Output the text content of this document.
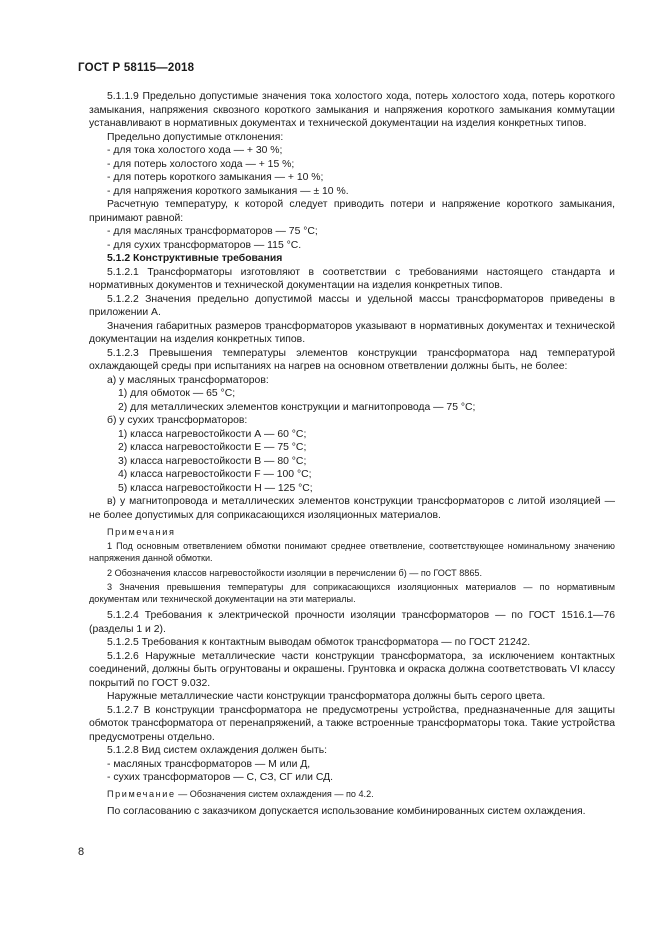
ГОСТ Р 58115—2018

5.1.1.9 Предельно допустимые значения тока холостого хода, потерь холостого хода, потерь короткого замыкания, напряжения сквозного короткого замыкания и напряжения короткого замыкания коммутации устанавливают в нормативных документах и технической документации на изделия конкретных типов.

Предельно допустимые отклонения:

- для тока холостого хода — + 30 %;

- для потерь холостого хода — + 15 %;

- для потерь короткого замыкания — + 10 %;

- для напряжения короткого замыкания — ± 10 %.

Расчетную температуру, к которой следует приводить потери и напряжение короткого замыкания, принимают равной:

- для масляных трансформаторов — 75 °С;

- для сухих трансформаторов — 115 °С.

5.1.2 Конструктивные требования

5.1.2.1 Трансформаторы изготовляют в соответствии с требованиями настоящего стандарта и нормативных документов и технической документации на изделия конкретных типов.

5.1.2.2 Значения предельно допустимой массы и удельной массы трансформаторов приведены в приложении А.

Значения габаритных размеров трансформаторов указывают в нормативных документах и технической документации на изделия конкретных типов.

5.1.2.3 Превышения температуры элементов конструкции трансформатора над температурой охлаждающей среды при испытаниях на нагрев на основном ответвлении должны быть, не более:

а) у масляных трансформаторов:

1) для обмоток — 65 °С;

2) для металлических элементов конструкции и магнитопровода — 75 °С;

б) у сухих трансформаторов:

1) класса нагревостойкости А — 60 °С;

2) класса нагревостойкости Е — 75 °С;

3) класса нагревостойкости В — 80 °С;

4) класса нагревостойкости F — 100 °С;

5) класса нагревостойкости Н — 125 °С;

в) у магнитопровода и металлических элементов конструкции трансформаторов с литой изоляцией — не более допустимых для соприкасающихся изоляционных материалов.

Примечания

1 Под основным ответвлением обмотки понимают среднее ответвление, соответствующее номинальному значению напряжения данной обмотки.

2 Обозначения классов нагревостойкости изоляции в перечислении б) — по ГОСТ 8865.

3 Значения превышения температуры для соприкасающихся изоляционных материалов — по нормативным документам или технической документации на эти материалы.

5.1.2.4 Требования к электрической прочности изоляции трансформаторов — по ГОСТ 1516.1—76 (разделы 1 и 2).

5.1.2.5 Требования к контактным выводам обмоток трансформатора — по ГОСТ 21242.

5.1.2.6 Наружные металлические части конструкции трансформатора, за исключением контактных соединений, должны быть огрунтованы и окрашены. Грунтовка и окраска должна соответствовать VI классу покрытий по ГОСТ 9.032.

Наружные металлические части конструкции трансформатора должны быть серого цвета.

5.1.2.7 В конструкции трансформатора не предусмотрены устройства, предназначенные для защиты обмоток трансформатора от перенапряжений, а также встроенные трансформаторы тока. Такие устройства предусмотрены отдельно.

5.1.2.8 Вид систем охлаждения должен быть:

- масляных трансформаторов — М или Д,

- сухих трансформаторов — С, СЗ, СГ или СД.

Примечание — Обозначения систем охлаждения — по 4.2.

По согласованию с заказчиком допускается использование комбинированных систем охлаждения.

8
